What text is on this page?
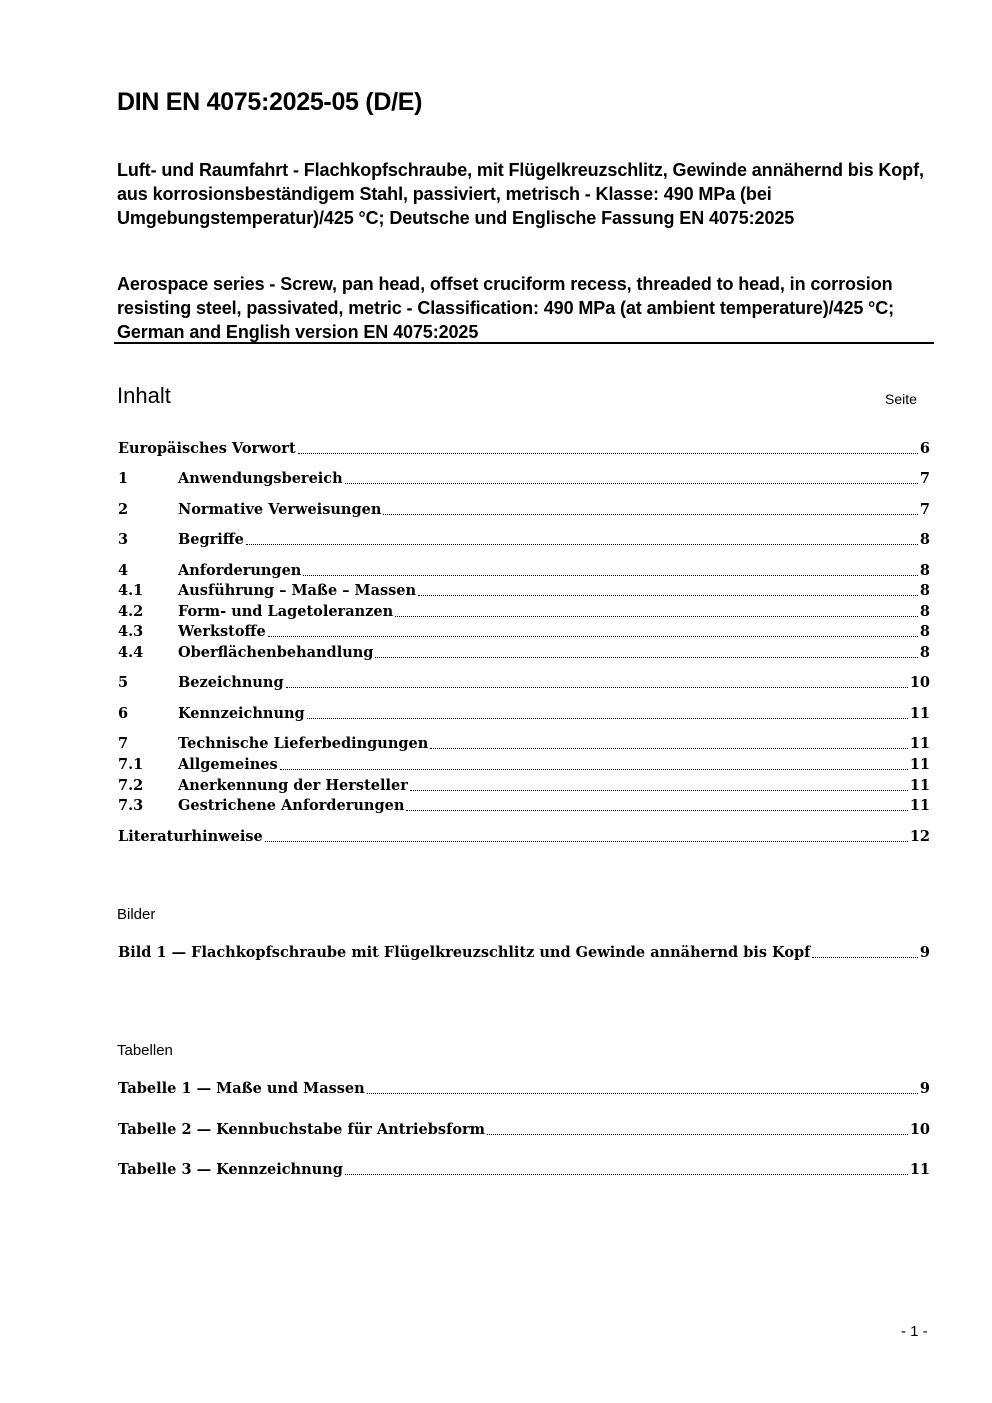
DIN EN 4075:2025-05 (D/E)
Luft- und Raumfahrt - Flachkopfschraube, mit Flügelkreuzschlitz, Gewinde annähernd bis Kopf, aus korrosionsbeständigem Stahl, passiviert, metrisch - Klasse: 490 MPa (bei Umgebungstemperatur)/425 °C; Deutsche und Englische Fassung EN 4075:2025
Aerospace series - Screw, pan head, offset cruciform recess, threaded to head, in corrosion resisting steel, passivated, metric - Classification: 490 MPa (at ambient temperature)/425 °C; German and English version EN 4075:2025
Inhalt	Seite
Europäisches Vorwort	6
1	Anwendungsbereich	7
2	Normative Verweisungen	7
3	Begriffe	8
4	Anforderungen	8
4.1	Ausführung – Maße – Massen	8
4.2	Form- und Lagetoleranzen	8
4.3	Werkstoffe	8
4.4	Oberflächenbehandlung	8
5	Bezeichnung	10
6	Kennzeichnung	11
7	Technische Lieferbedingungen	11
7.1	Allgemeines	11
7.2	Anerkennung der Hersteller	11
7.3	Gestrichene Anforderungen	11
Literaturhinweise	12
Bilder
Bild 1 — Flachkopfschraube mit Flügelkreuzschlitz und Gewinde annähernd bis Kopf	9
Tabellen
Tabelle 1 — Maße und Massen	9
Tabelle 2 — Kennbuchstabe für Antriebsform	10
Tabelle 3 — Kennzeichnung	11
- 1 -
